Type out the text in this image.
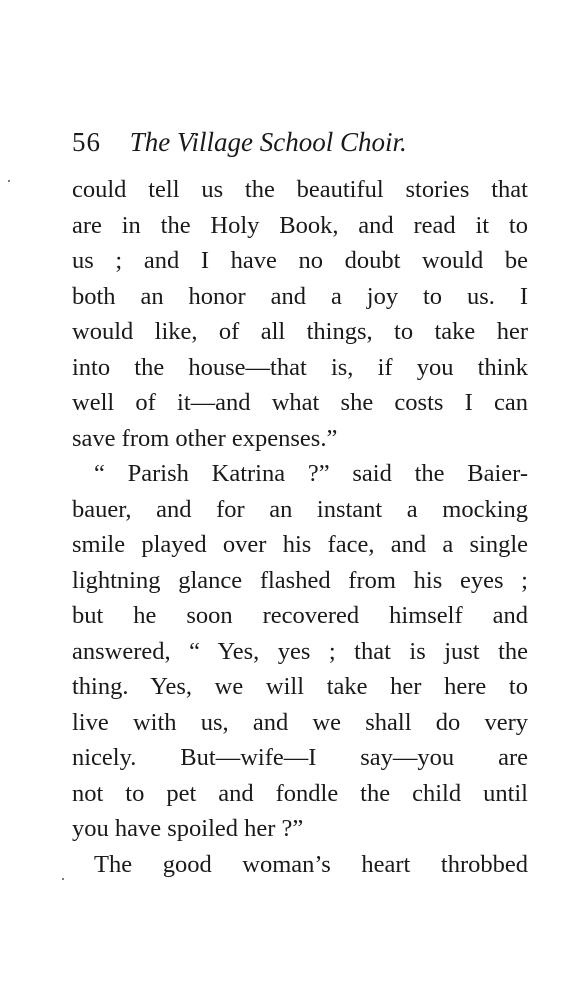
56 The Village School Choir.
could tell us the beautiful stories that
are in the Holy Book, and read it to
us ; and I have no doubt would be
both an honor and a joy to us. I
would like, of all things, to take her
into the house—that is, if you think
well of it—and what she costs I can
save from other expenses.”
“ Parish Katrina ?” said the Baier-
bauer, and for an instant a mocking
smile played over his face, and a single
lightning glance flashed from his eyes ;
but he soon recovered himself and
answered, “ Yes, yes ; that is just the
thing. Yes, we will take her here to
live with us, and we shall do very
nicely. But—wife—I say—you are
not to pet and fondle the child until
you have spoiled her ?”
The good woman’s heart throbbed
